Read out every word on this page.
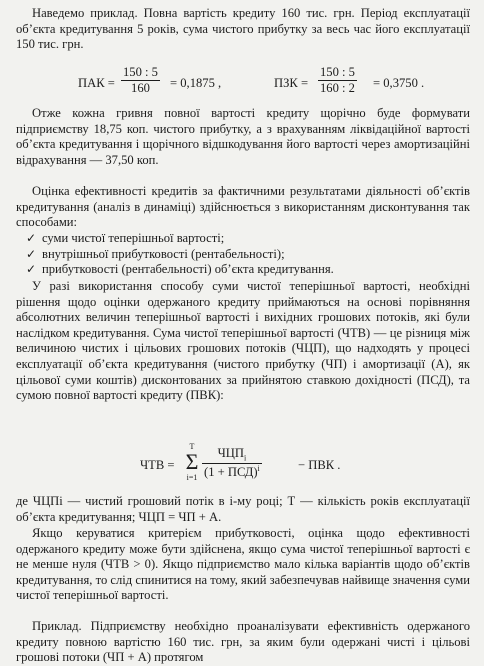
Наведемо приклад. Повна вартість кредиту 160 тис. грн. Період експлуатації об’єкта кредитування 5 років, сума чистого прибутку за весь час його експлуатації 150 тис. грн.

ПАК = $\frac{150 : 5}{160} = 0,1875$ ,	ПЗК = $\frac{150 : 5}{160 : 2} = 0,3750$ .

Отже кожна гривня повної вартості кредиту щорічно буде формувати підприємству 18,75 коп. чистого прибутку, а з врахуванням ліквідаційної вартості об’єкта кредитування і щорічного відшкодування його вартості через амортизаційні відрахування — 37,50 коп.

Оцінка ефективності кредитів за фактичними результатами діяльності об’єктів кредитування (аналіз в динаміці) здійснюється з використанням дисконтування так способами:

✓ суми чистої теперішньої вартості;
✓ внутрішньої прибутковості (рентабельності);
✓ прибутковості (рентабельності) об’єкта кредитування.

У разі використання способу суми чистої теперішньої вартості, необхідні рішення щодо оцінки одержаного кредиту приймаються на основі порівняння абсолютних величин теперішньої вартості і вихідних грошових потоків, які були наслідком кредитування. Сума чистої теперішньої вартості (ЧТВ) — це різниця між величиною чистих і цільових грошових потоків (ЧЦП), що надходять у процесі експлуатації об’єкта кредитування (чистого прибутку (ЧП) і амортизації (А), як цільової суми коштів) дисконтованих за прийнятою ставкою дохідності (ПСД), та сумою повної вартості кредиту (ПВК):

ЧТВ =
T
Σ
і=1
$ЧЦП_і$
(1 + ПСД)$^і$	− ПВК .

де ЧЦПі — чистий грошовий потік в і-му році; Т — кількість років експлуатації об’єкта кредитування; ЧЦП = ЧП + А.

Якщо керуватися критерієм прибутковості, оцінка щодо ефективності одержаного кредиту може бути здійснена, якщо сума чистої теперішньої вартості є не менше нуля (ЧТВ > 0). Якщо підприємство мало кілька варіантів щодо об’єктів кредитування, то слід спинитися на тому, який забезпечував найвище значення суми чистої теперішньої вартості.

Приклад. Підприємству необхідно проаналізувати ефективність одержаного кредиту повною вартістю 160 тис. грн, за яким були одержані чисті і цільові грошові потоки (ЧП + А) протягом
